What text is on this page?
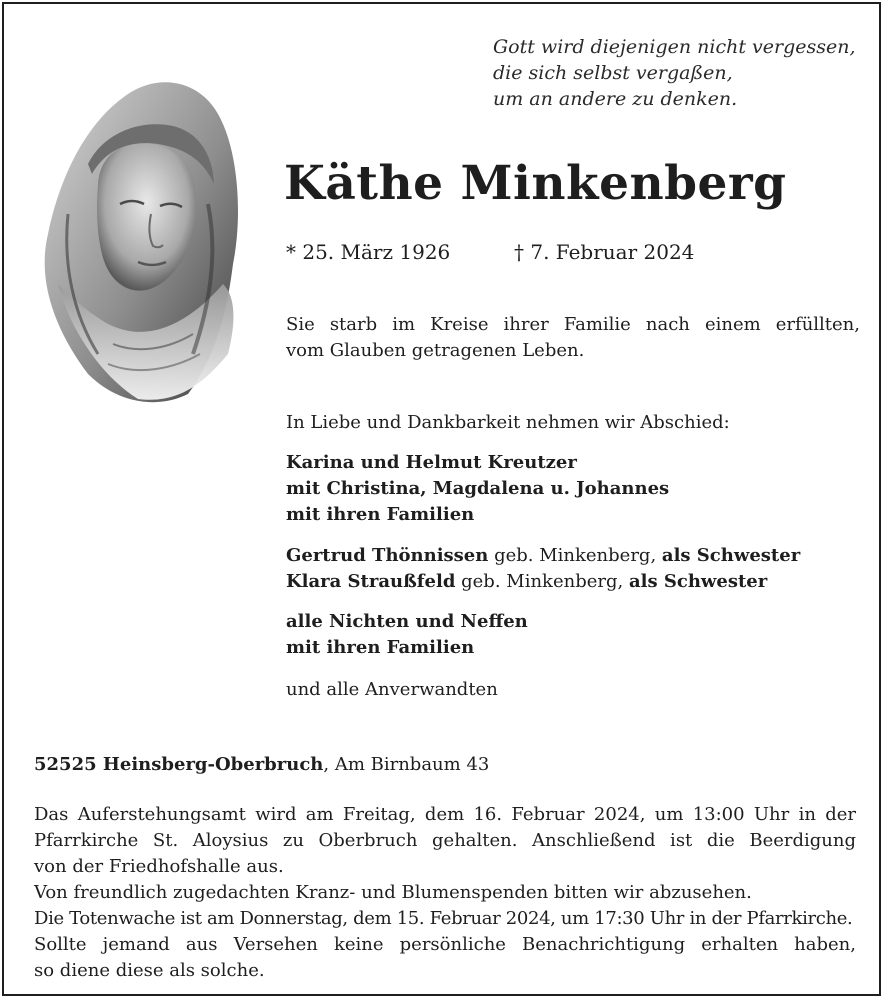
Gott wird diejenigen nicht vergessen,
die sich selbst vergaßen,
um an andere zu denken.
Käthe Minkenberg
* 25. März 1926	† 7. Februar 2024
Sie starb im Kreise ihrer Familie nach einem erfüllten,
vom Glauben getragenen Leben.
In Liebe und Dankbarkeit nehmen wir Abschied:
Karina und Helmut Kreutzer
mit Christina, Magdalena u. Johannes
mit ihren Familien
Gertrud Thönnissen geb. Minkenberg, als Schwester
Klara Straußfeld geb. Minkenberg, als Schwester
alle Nichten und Neffen
mit ihren Familien
und alle Anverwandten
52525 Heinsberg-Oberbruch, Am Birnbaum 43
Das Auferstehungsamt wird am Freitag, dem 16. Februar 2024, um 13:00 Uhr in der
Pfarrkirche St. Aloysius zu Oberbruch gehalten. Anschließend ist die Beerdigung
von der Friedhofshalle aus.
Von freundlich zugedachten Kranz- und Blumenspenden bitten wir abzusehen.
Die Totenwache ist am Donnerstag, dem 15. Februar 2024, um 17:30 Uhr in der Pfarrkirche.
Sollte jemand aus Versehen keine persönliche Benachrichtigung erhalten haben,
so diene diese als solche.
